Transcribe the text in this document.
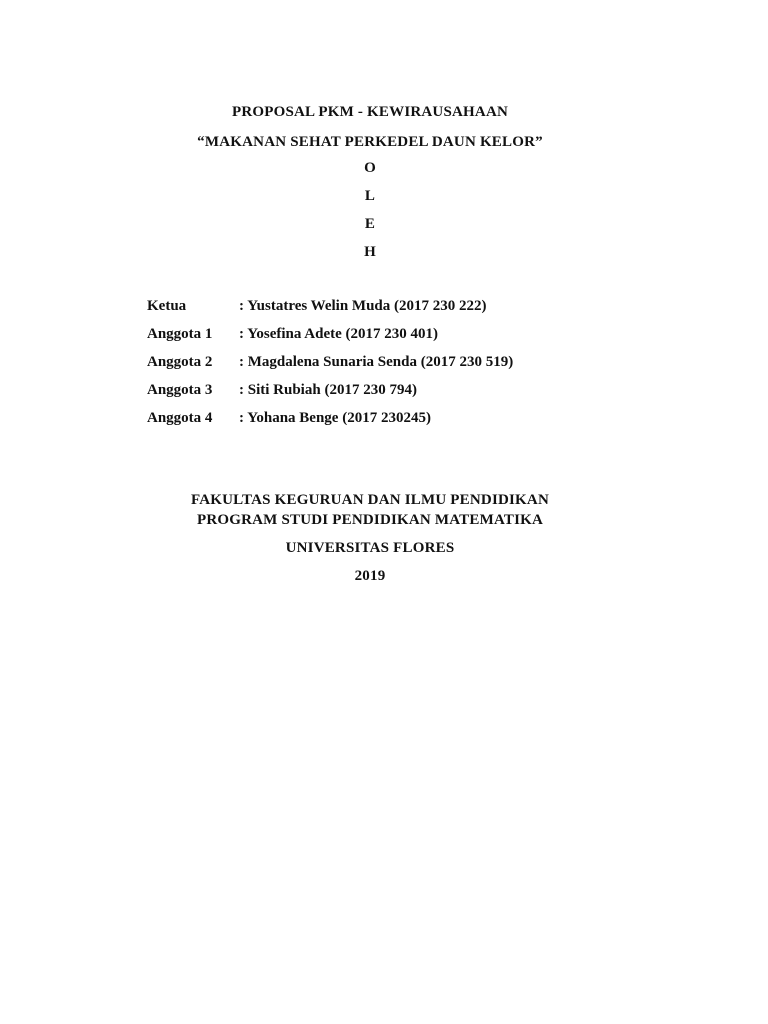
PROPOSAL PKM - KEWIRAUSAHAAN
“MAKANAN SEHAT PERKEDEL DAUN KELOR”
O
L
E
H
Ketua	: Yustatres Welin Muda (2017 230 222)
Anggota 1 : Yosefina Adete (2017 230 401)
Anggota 2 : Magdalena Sunaria Senda (2017 230 519)
Anggota 3 : Siti Rubiah (2017 230 794)
Anggota 4 : Yohana Benge (2017 230245)
FAKULTAS KEGURUAN DAN ILMU PENDIDIKAN
PROGRAM STUDI PENDIDIKAN MATEMATIKA
UNIVERSITAS FLORES
2019
